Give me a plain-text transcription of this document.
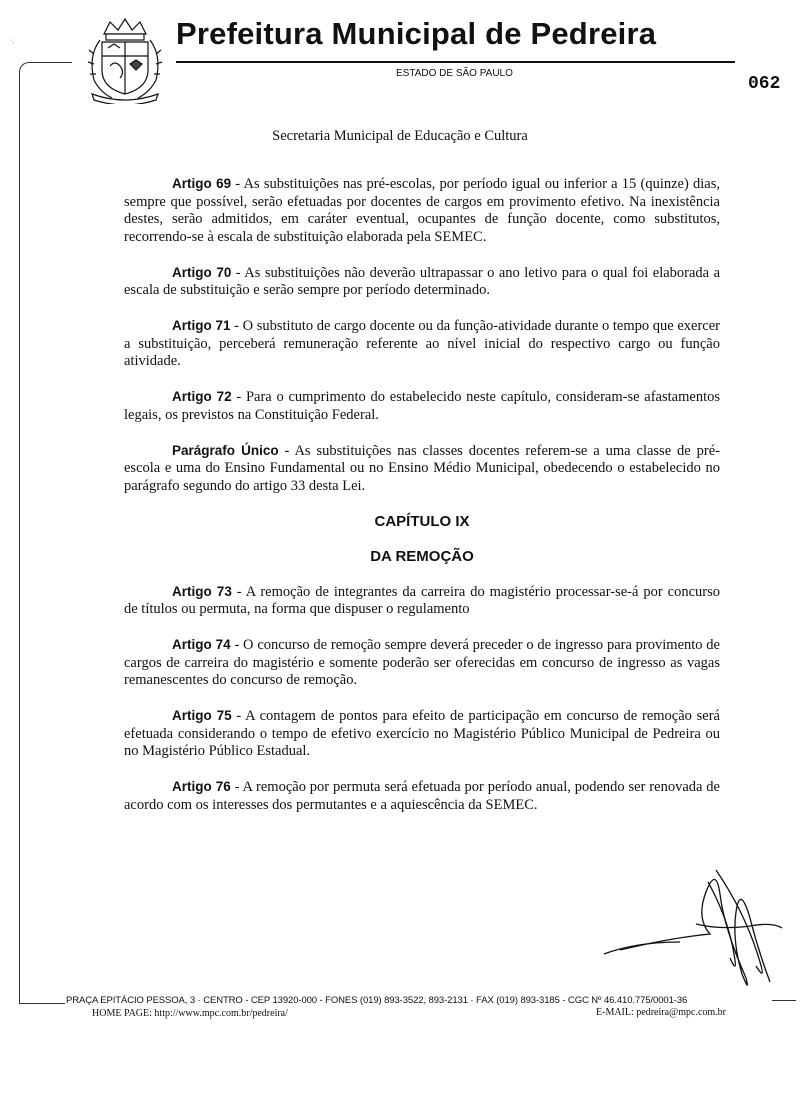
Prefeitura Municipal de Pedreira
ESTADO DE SÃO PAULO
062
·.
Secretaria Municipal de Educação e Cultura

Artigo 69 - As substituições nas pré-escolas, por período igual ou inferior a 15 (quinze) dias, sempre que possível, serão efetuadas por docentes de cargos em provimento efetivo. Na inexistência destes, serão admitidos, em caráter eventual, ocupantes de função docente, como substitutos, recorrendo-se à escala de substituição elaborada pela SEMEC.

Artigo 70 - As substituições não deverão ultrapassar o ano letivo para o qual foi elaborada a escala de substituição e serão sempre por período determinado.

Artigo 71 - O substituto de cargo docente ou da função-atividade durante o tempo que exercer a substituição, perceberá remuneração referente ao nível inicial do respectivo cargo ou função atividade.

Artigo 72 - Para o cumprimento do estabelecido neste capítulo, consideram-se afastamentos legais, os previstos na Constituição Federal.

Parágrafo Único - As substituições nas classes docentes referem-se a uma classe de pré-escola e uma do Ensino Fundamental ou no Ensino Médio Municipal, obedecendo o estabelecido no parágrafo segundo do artigo 33 desta Lei.

CAPÍTULO IX

DA REMOÇÃO

Artigo 73 - A remoção de integrantes da carreira do magistério processar-se-á por concurso de títulos ou permuta, na forma que dispuser o regulamento

Artigo 74 - O concurso de remoção sempre deverá preceder o de ingresso para provimento de cargos de carreira do magistério e somente poderão ser oferecidas em concurso de ingresso as vagas remanescentes do concurso de remoção.

Artigo 75 - A contagem de pontos para efeito de participação em concurso de remoção será efetuada considerando o tempo de efetivo exercício no Magistério Público Municipal de Pedreira ou no Magistério Público Estadual.

Artigo 76 - A remoção por permuta será efetuada por período anual, podendo ser renovada de acordo com os interesses dos permutantes e a aquiescência da SEMEC.

PRAÇA EPITÁCIO PESSOA, 3 · CENTRO - CEP 13920-000 - FONES (019) 893-3522, 893-2131 · FAX (019) 893-3185 - CGC Nº 46.410.775/0001-36
HOME PAGE: http://www.mpc.com.br/pedreira/	E-MAIL: pedreira@mpc.com.br
